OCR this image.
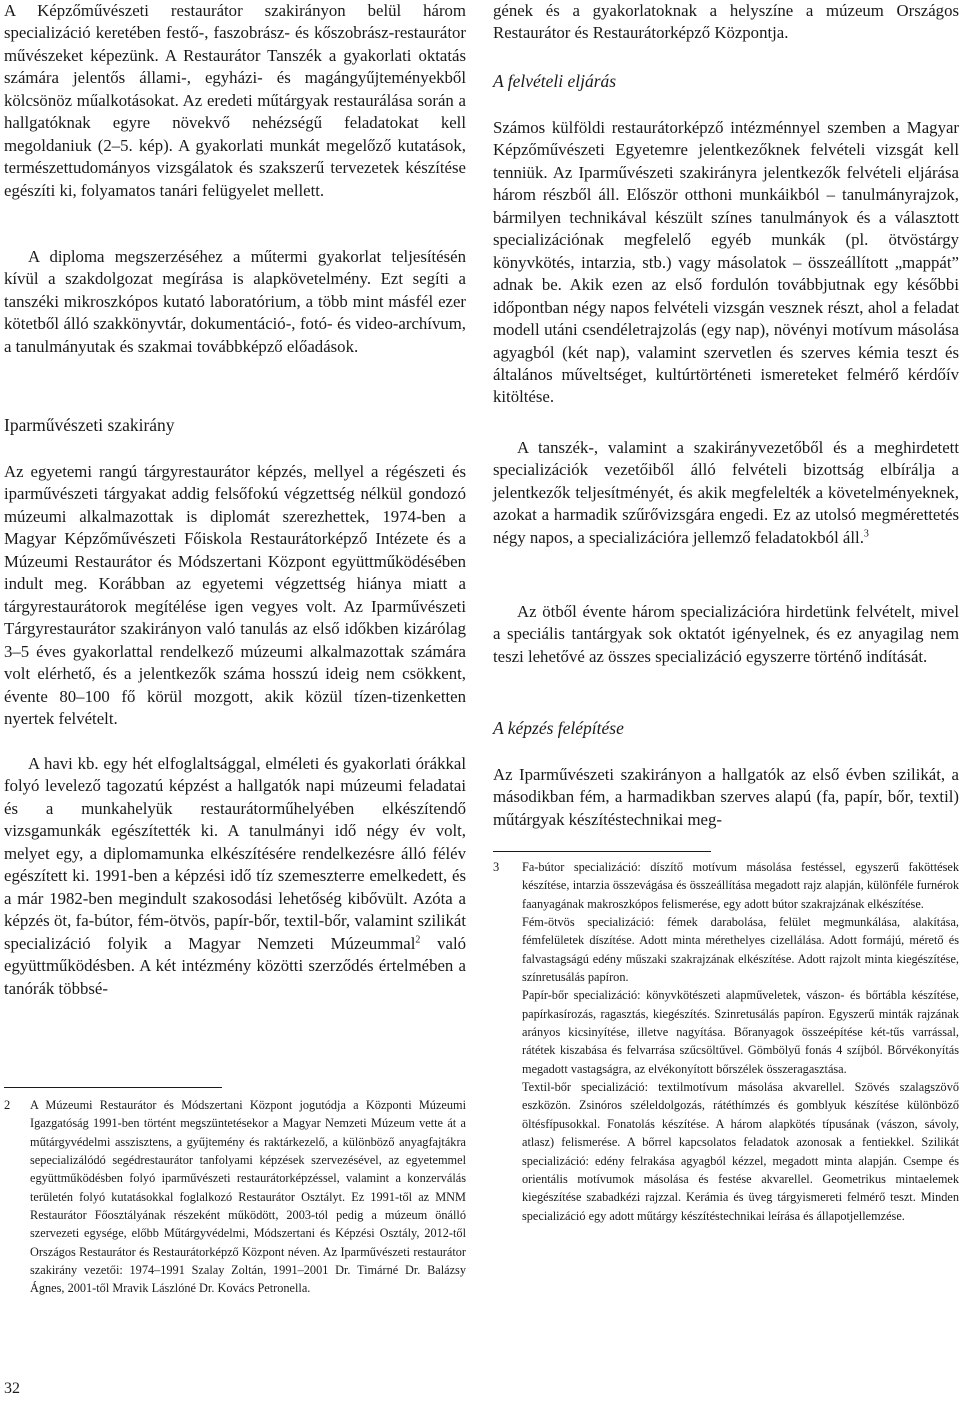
A Képzőművészeti restaurátor szakirányon belül három specializáció keretében festő-, faszobrász- és kőszobrász-restaurátor művészeket képezünk. A Restaurátor Tanszék a gyakorlati oktatás számára jelentős állami-, egyházi- és magángyűjteményekből kölcsönöz műalkotásokat. Az eredeti műtárgyak restaurálása során a hallgatóknak egyre növekvő nehézségű feladatokat kell megoldaniuk (2–5. kép). A gyakorlati munkát megelőző kutatások, természettudományos vizsgálatok és szakszerű tervezetek készítése egészíti ki, folyamatos tanári felügyelet mellett.

A diploma megszerzéséhez a műtermi gyakorlat teljesítésén kívül a szakdolgozat megírása is alapkövetelmény. Ezt segíti a tanszéki mikroszkópos kutató laboratórium, a több mint másfél ezer kötetből álló szakkönyvtár, dokumentáció-, fotó- és video-archívum, a tanulmányutak és szakmai továbbképző előadások.

Iparművészeti szakirány

Az egyetemi rangú tárgyrestaurátor képzés, mellyel a régészeti és iparművészeti tárgyakat addig felsőfokú végzettség nélkül gondozó múzeumi alkalmazottak is diplomát szerezhettek, 1974-ben a Magyar Képzőművészeti Főiskola Restaurátorképző Intézete és a Múzeumi Restaurátor és Módszertani Központ együttműködésében indult meg. Korábban az egyetemi végzettség hiánya miatt a tárgyrestaurátorok megítélése igen vegyes volt. Az Iparművészeti Tárgyrestaurátor szakirányon való tanulás az első időkben kizárólag 3–5 éves gyakorlattal rendelkező múzeumi alkalmazottak számára volt elérhető, és a jelentkezők száma hosszú ideig nem csökkent, évente 80–100 fő körül mozgott, akik közül tízen-tizenketten nyertek felvételt.

A havi kb. egy hét elfoglaltsággal, elméleti és gyakorlati órákkal folyó levelező tagozatú képzést a hallgatók napi múzeumi feladatai és a munkahelyük restaurátorműhelyében elkészítendő vizsgamunkák egészítették ki. A tanulmányi idő négy év volt, melyet egy, a diplomamunka elkészítésére rendelkezésre álló félév egészített ki. 1991-ben a képzési idő tíz szemeszterre emelkedett, és a már 1982-ben megindult szakosodási lehetőség kibővült. Azóta a képzés öt, fa-bútor, fém-ötvös, papír-bőr, textil-bőr, valamint szilikát specializáció folyik a Magyar Nemzeti Múzeummal$^2$ való együttműködésben. A két intézmény közötti szerződés értelmében a tanórák többsé-

2 A Múzeumi Restaurátor és Módszertani Központ jogutódja a Központi Múzeumi Igazgatóság 1991-ben történt megszüntetésekor a Magyar Nemzeti Múzeum vette át a műtárgyvédelmi asszisztens, a gyűjtemény és raktárkezelő, a különböző anyagfajtákra sepecializálódó segédrestaurátor tanfolyami képzések szervezésével, az egyetemmel együttműködésben folyó iparművészeti restaurátorképzéssel, valamint a konzerválás területén folyó kutatásokkal foglalkozó Restaurátor Osztályt. Ez 1991-től az MNM Restaurátor Főosztályának részeként működött, 2003-tól pedig a múzeum önálló szervezeti egysége, előbb Műtárgyvédelmi, Módszertani és Képzési Osztály, 2012-től Országos Restaurátor és Restaurátorképző Központ néven. Az Iparművészeti restaurátor szakirány vezetői: 1974–1991 Szalay Zoltán, 1991–2001 Dr. Timárné Dr. Balázsy Ágnes, 2001-től Mravik Lászlóné Dr. Kovács Petronella.

gének és a gyakorlatoknak a helyszíne a múzeum Országos Restaurátor és Restaurátorképző Központja.

A felvételi eljárás

Számos külföldi restaurátorképző intézménnyel szemben a Magyar Képzőművészeti Egyetemre jelentkezőknek felvételi vizsgát kell tenniük. Az Iparművészeti szakirányra jelentkezők felvételi eljárása három részből áll. Először otthoni munkáikból – tanulmányrajzok, bármilyen technikával készült színes tanulmányok és a választott specializációnak megfelelő egyéb munkák (pl. ötvöstárgy könyvkötés, intarzia, stb.) vagy másolatok – összeállított „mappát” adnak be. Akik ezen az első fordulón továbbjutnak egy későbbi időpontban négy napos felvételi vizsgán vesznek részt, ahol a feladat modell utáni csendéletrajzolás (egy nap), növényi motívum másolása agyagból (két nap), valamint szervetlen és szerves kémia teszt és általános műveltséget, kultúrtörténeti ismereteket felmérő kérdőív kitöltése.

A tanszék-, valamint a szakirányvezetőből és a meghirdetett specializációk vezetőiből álló felvételi bizottság elbírálja a jelentkezők teljesítményét, és akik megfelelték a követelményeknek, azokat a harmadik szűrővizsgára engedi. Ez az utolsó megmérettetés négy napos, a specializációra jellemző feladatokból áll.$^3$

Az ötből évente három specializációra hirdetünk felvételt, mivel a speciális tantárgyak sok oktatót igényelnek, és ez anyagilag nem teszi lehetővé az összes specializáció egyszerre történő indítását.

A képzés felépítése

Az Iparművészeti szakirányon a hallgatók az első évben szilikát, a másodikban fém, a harmadikban szerves alapú (fa, papír, bőr, textil) műtárgyak készítéstechnikai meg-

3 Fa-bútor specializáció: díszítő motívum másolása festéssel, egyszerű faköttések készítése, intarzia összevágása és összeállítása megadott rajz alapján, különféle furnérok faanyagának makroszkópos felismerése, egy adott bútor szakrajzának elkészítése.

Fém-ötvös specializáció: fémek darabolása, felület megmunkálása, alakítása, fémfelületek díszítése. Adott minta mérethelyes cizellálása. Adott formájú, mérető és falvastagságú edény műszaki szakrajzának elkészítése. Adott rajzolt minta kiegészítése, színretusálás papíron.

Papír-bőr specializáció: könyvkötészeti alapműveletek, vászon- és bőrtábla készítése, papírkasírozás, ragasztás, kiegészítés. Szinretusálás papíron. Egyszerű minták rajzának arányos kicsinyítése, illetve nagyítása. Bőranyagok összeépítése két-tűs varrással, rátétek kiszabása és felvarrása szűcsöltűvel. Gömbölyű fonás 4 szíjból. Bőrvékonyítás megadott vastagságra, az elvékonyított bőrszélek összeragasztása.

Textil-bőr specializáció: textilmotívum másolása akvarellel. Szövés szalagszövő eszközön. Zsinóros széleldolgozás, rátéthímzés és gomblyuk készítése különböző öltésfípusokkal. Fonatolás készítése. A három alapkötés típusának (vászon, sávoly, atlasz) felismerése. A bőrrel kapcsolatos feladatok azonosak a fentiekkel. Szilikát specializáció: edény felrakása agyagból kézzel, megadott minta alapján. Csempe és orientális motívumok másolása és festése akvarellel. Geometrikus mintaelemek kiegészítése szabadkézi rajzzal. Kerámia és üveg tárgyismereti felmérő teszt. Minden specializáció egy adott műtárgy készítéstechnikai leírása és állapotjellemzése.

32
